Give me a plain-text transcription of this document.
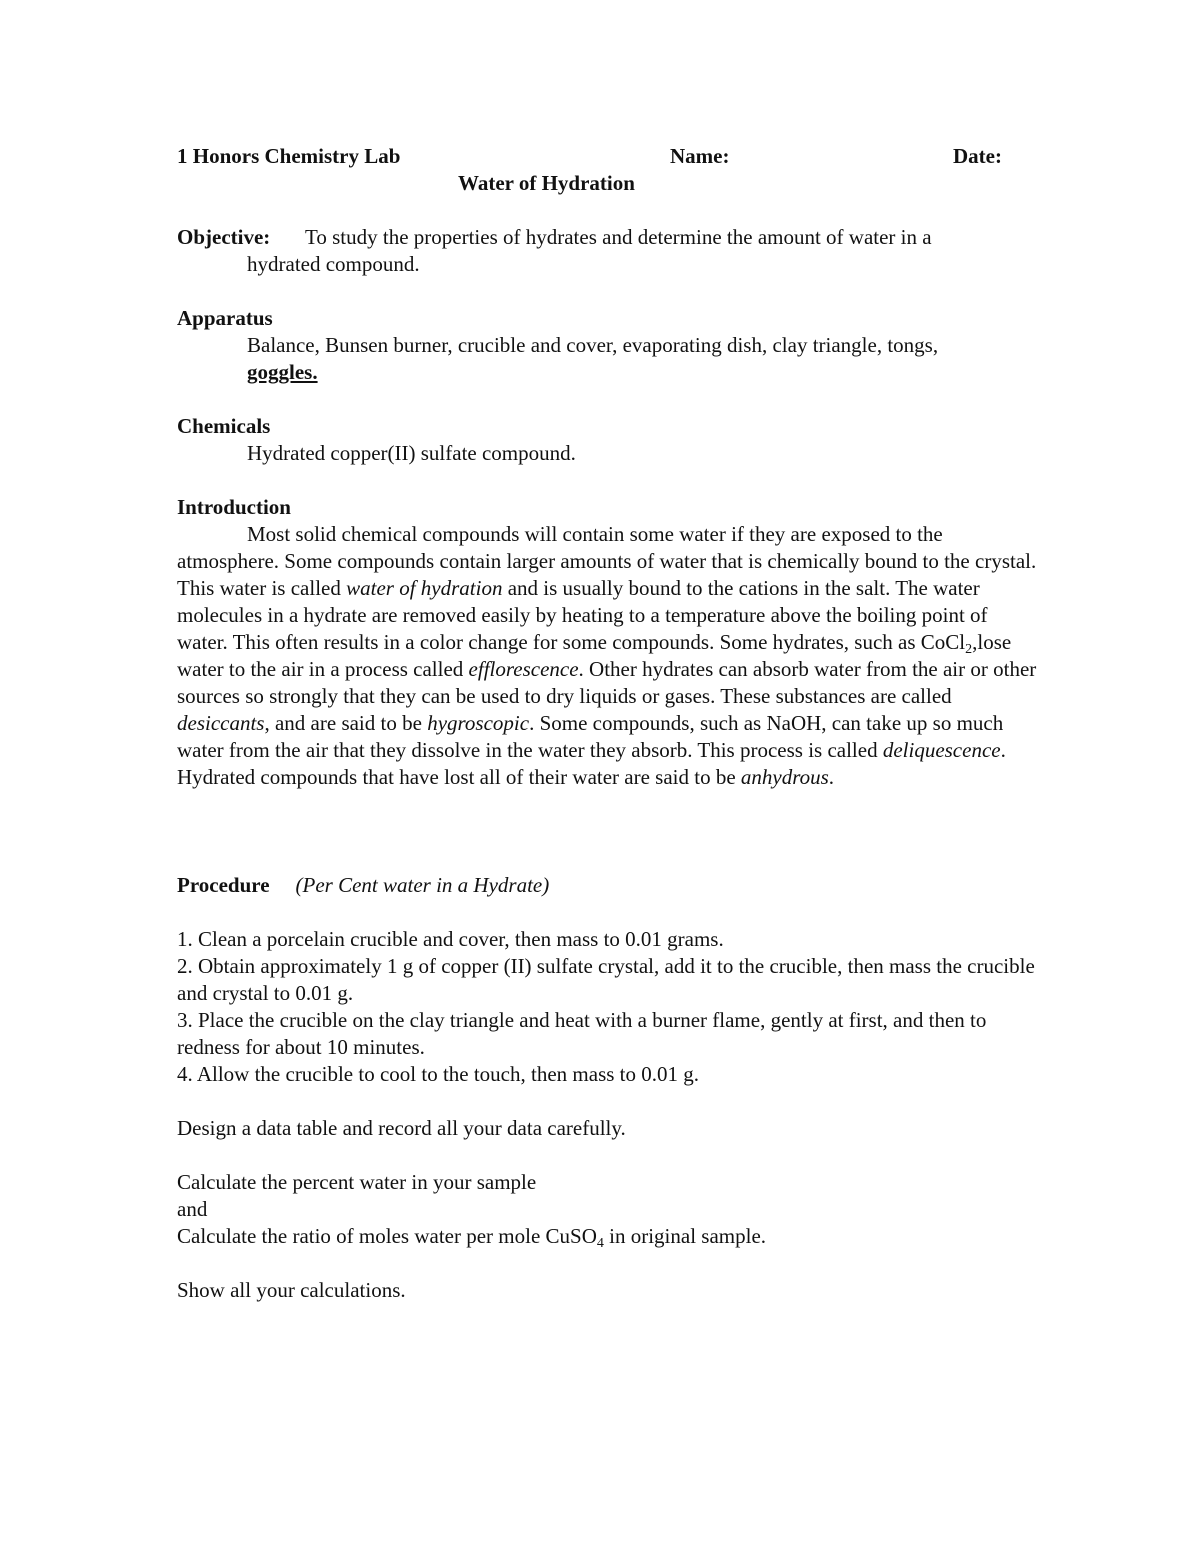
1 Honors Chemistry Lab	Name:	Date:
Water of Hydration
Objective: To study the properties of hydrates and determine the amount of water in a
hydrated compound.
Apparatus
Balance, Bunsen burner, crucible and cover, evaporating dish, clay triangle, tongs,
goggles.
Chemicals
Hydrated copper(II) sulfate compound.
Introduction

Most solid chemical compounds will contain some water if they are exposed to the atmosphere. Some compounds contain larger amounts of water that is chemically bound to the crystal. This water is called water of hydration and is usually bound to the cations in the salt. The water molecules in a hydrate are removed easily by heating to a temperature above the boiling point of water. This often results in a color change for some compounds. Some hydrates, such as CoCl$_2$,lose water to the air in a process called efflorescence. Other hydrates can absorb water from the air or other sources so strongly that they can be used to dry liquids or gases. These substances are called desiccants, and are said to be hygroscopic. Some compounds, such as NaOH, can take up so much water from the air that they dissolve in the water they absorb. This process is called deliquescence. Hydrated compounds that have lost all of their water are said to be anhydrous.

Procedure (Per Cent water in a Hydrate)

1. Clean a porcelain crucible and cover, then mass to 0.01 grams.

2. Obtain approximately 1 g of copper (II) sulfate crystal, add it to the crucible, then mass the crucible and crystal to 0.01 g.

3. Place the crucible on the clay triangle and heat with a burner flame, gently at first, and then to redness for about 10 minutes.

4. Allow the crucible to cool to the touch, then mass to 0.01 g.

Design a data table and record all your data carefully.

Calculate the percent water in your sample

and

Calculate the ratio of moles water per mole CuSO$_4$ in original sample.

Show all your calculations.
